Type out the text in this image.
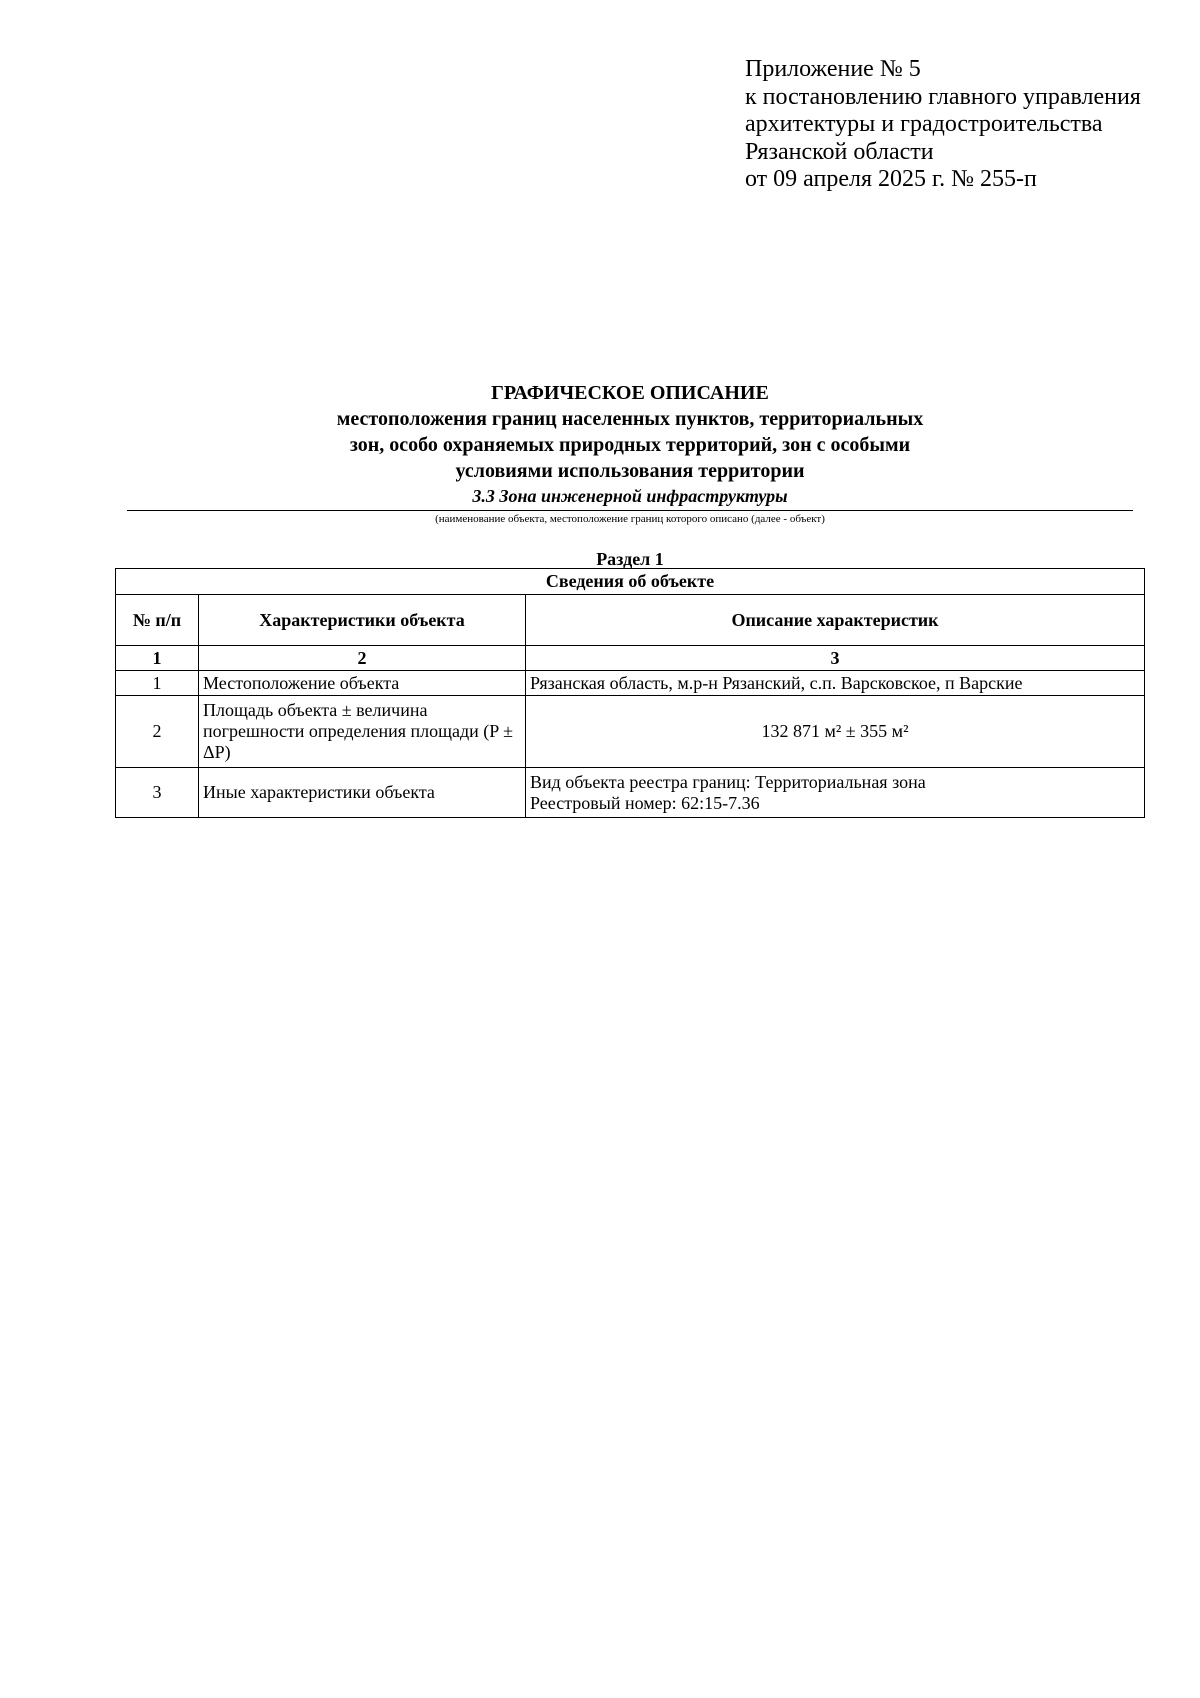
Приложение № 5
к постановлению главного управления
архитектуры и градостроительства
Рязанской области
от 09 апреля 2025 г. № 255-п
ГРАФИЧЕСКОЕ ОПИСАНИЕ
местоположения границ населенных пунктов, территориальных
зон, особо охраняемых природных территорий, зон с особыми
условиями использования территории
3.3 Зона инженерной инфраструктуры
(наименование объекта, местоположение границ которого описано (далее - объект)
Раздел 1
Сведения об объекте		
№ п/п	Характеристики объекта	Описание характеристик
1	2	3
1	Местоположение объекта	Рязанская область, м.р-н Рязанский, с.п. Варсковское, п Варские
2	Площадь объекта ± величина погрешности определения площади (P ± ΔP)	132 871 м² ± 355 м²
3	Иные характеристики объекта	Вид объекта реестра границ: Территориальная зона
Реестровый номер: 62:15-7.36
